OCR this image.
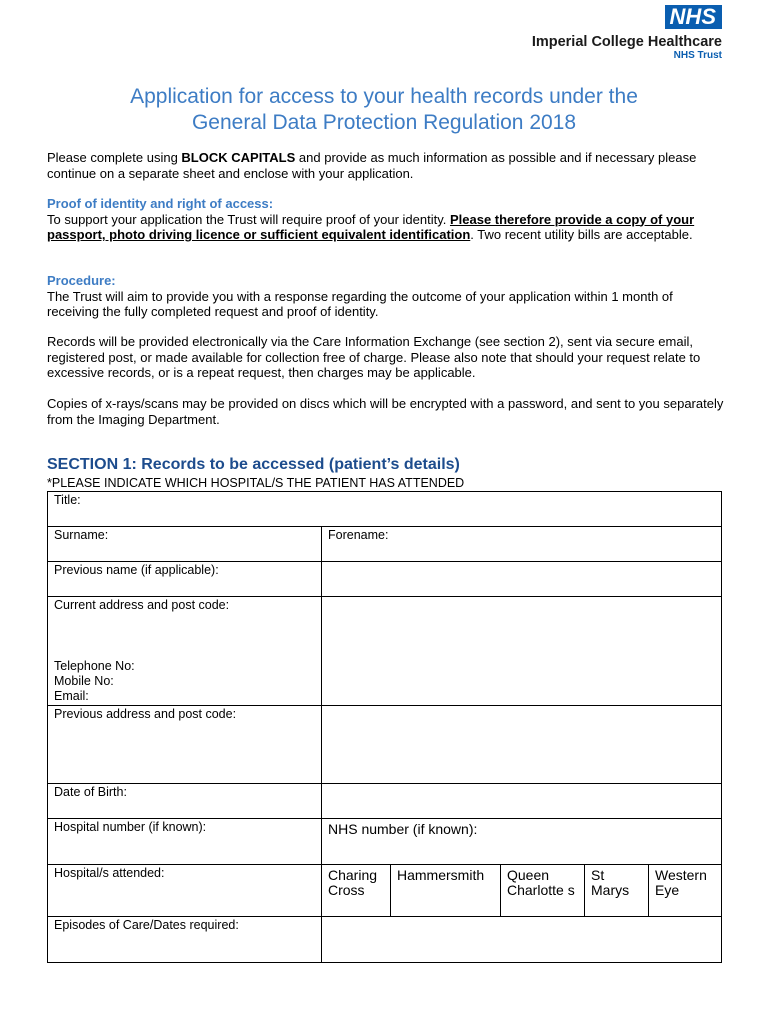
NHS
Imperial College Healthcare
NHS Trust
Application for access to your health records under the
General Data Protection Regulation 2018
Please complete using BLOCK CAPITALS and provide as much information as possible and if necessary please continue on a separate sheet and enclose with your application.
Proof of identity and right of access:
To support your application the Trust will require proof of your identity. Please therefore provide a copy of your passport, photo driving licence or sufficient equivalent identification. Two recent utility bills are acceptable.
Procedure:
The Trust will aim to provide you with a response regarding the outcome of your application within 1 month of receiving the fully completed request and proof of identity.
Records will be provided electronically via the Care Information Exchange (see section 2), sent via secure email, registered post, or made available for collection free of charge. Please also note that should your request relate to excessive records, or is a repeat request, then charges may be applicable.
Copies of x-rays/scans may be provided on discs which will be encrypted with a password, and sent to you separately from the Imaging Department.
SECTION 1: Records to be accessed (patient’s details)
*PLEASE INDICATE WHICH HOSPITAL/S THE PATIENT HAS ATTENDED
Title:					
Surname:	Forename:				
Previous name (if applicable):					

Current address and post code:
Telephone No:
Mobile No:
Email:					

Previous address and post code:					
Date of Birth:					
Hospital number (if known):	NHS number (if known):				
Hospital/s attended:	Charing Cross	Hammersmith	Queen Charlotte s	St Marys	Western Eye
Episodes of Care/Dates required:					
